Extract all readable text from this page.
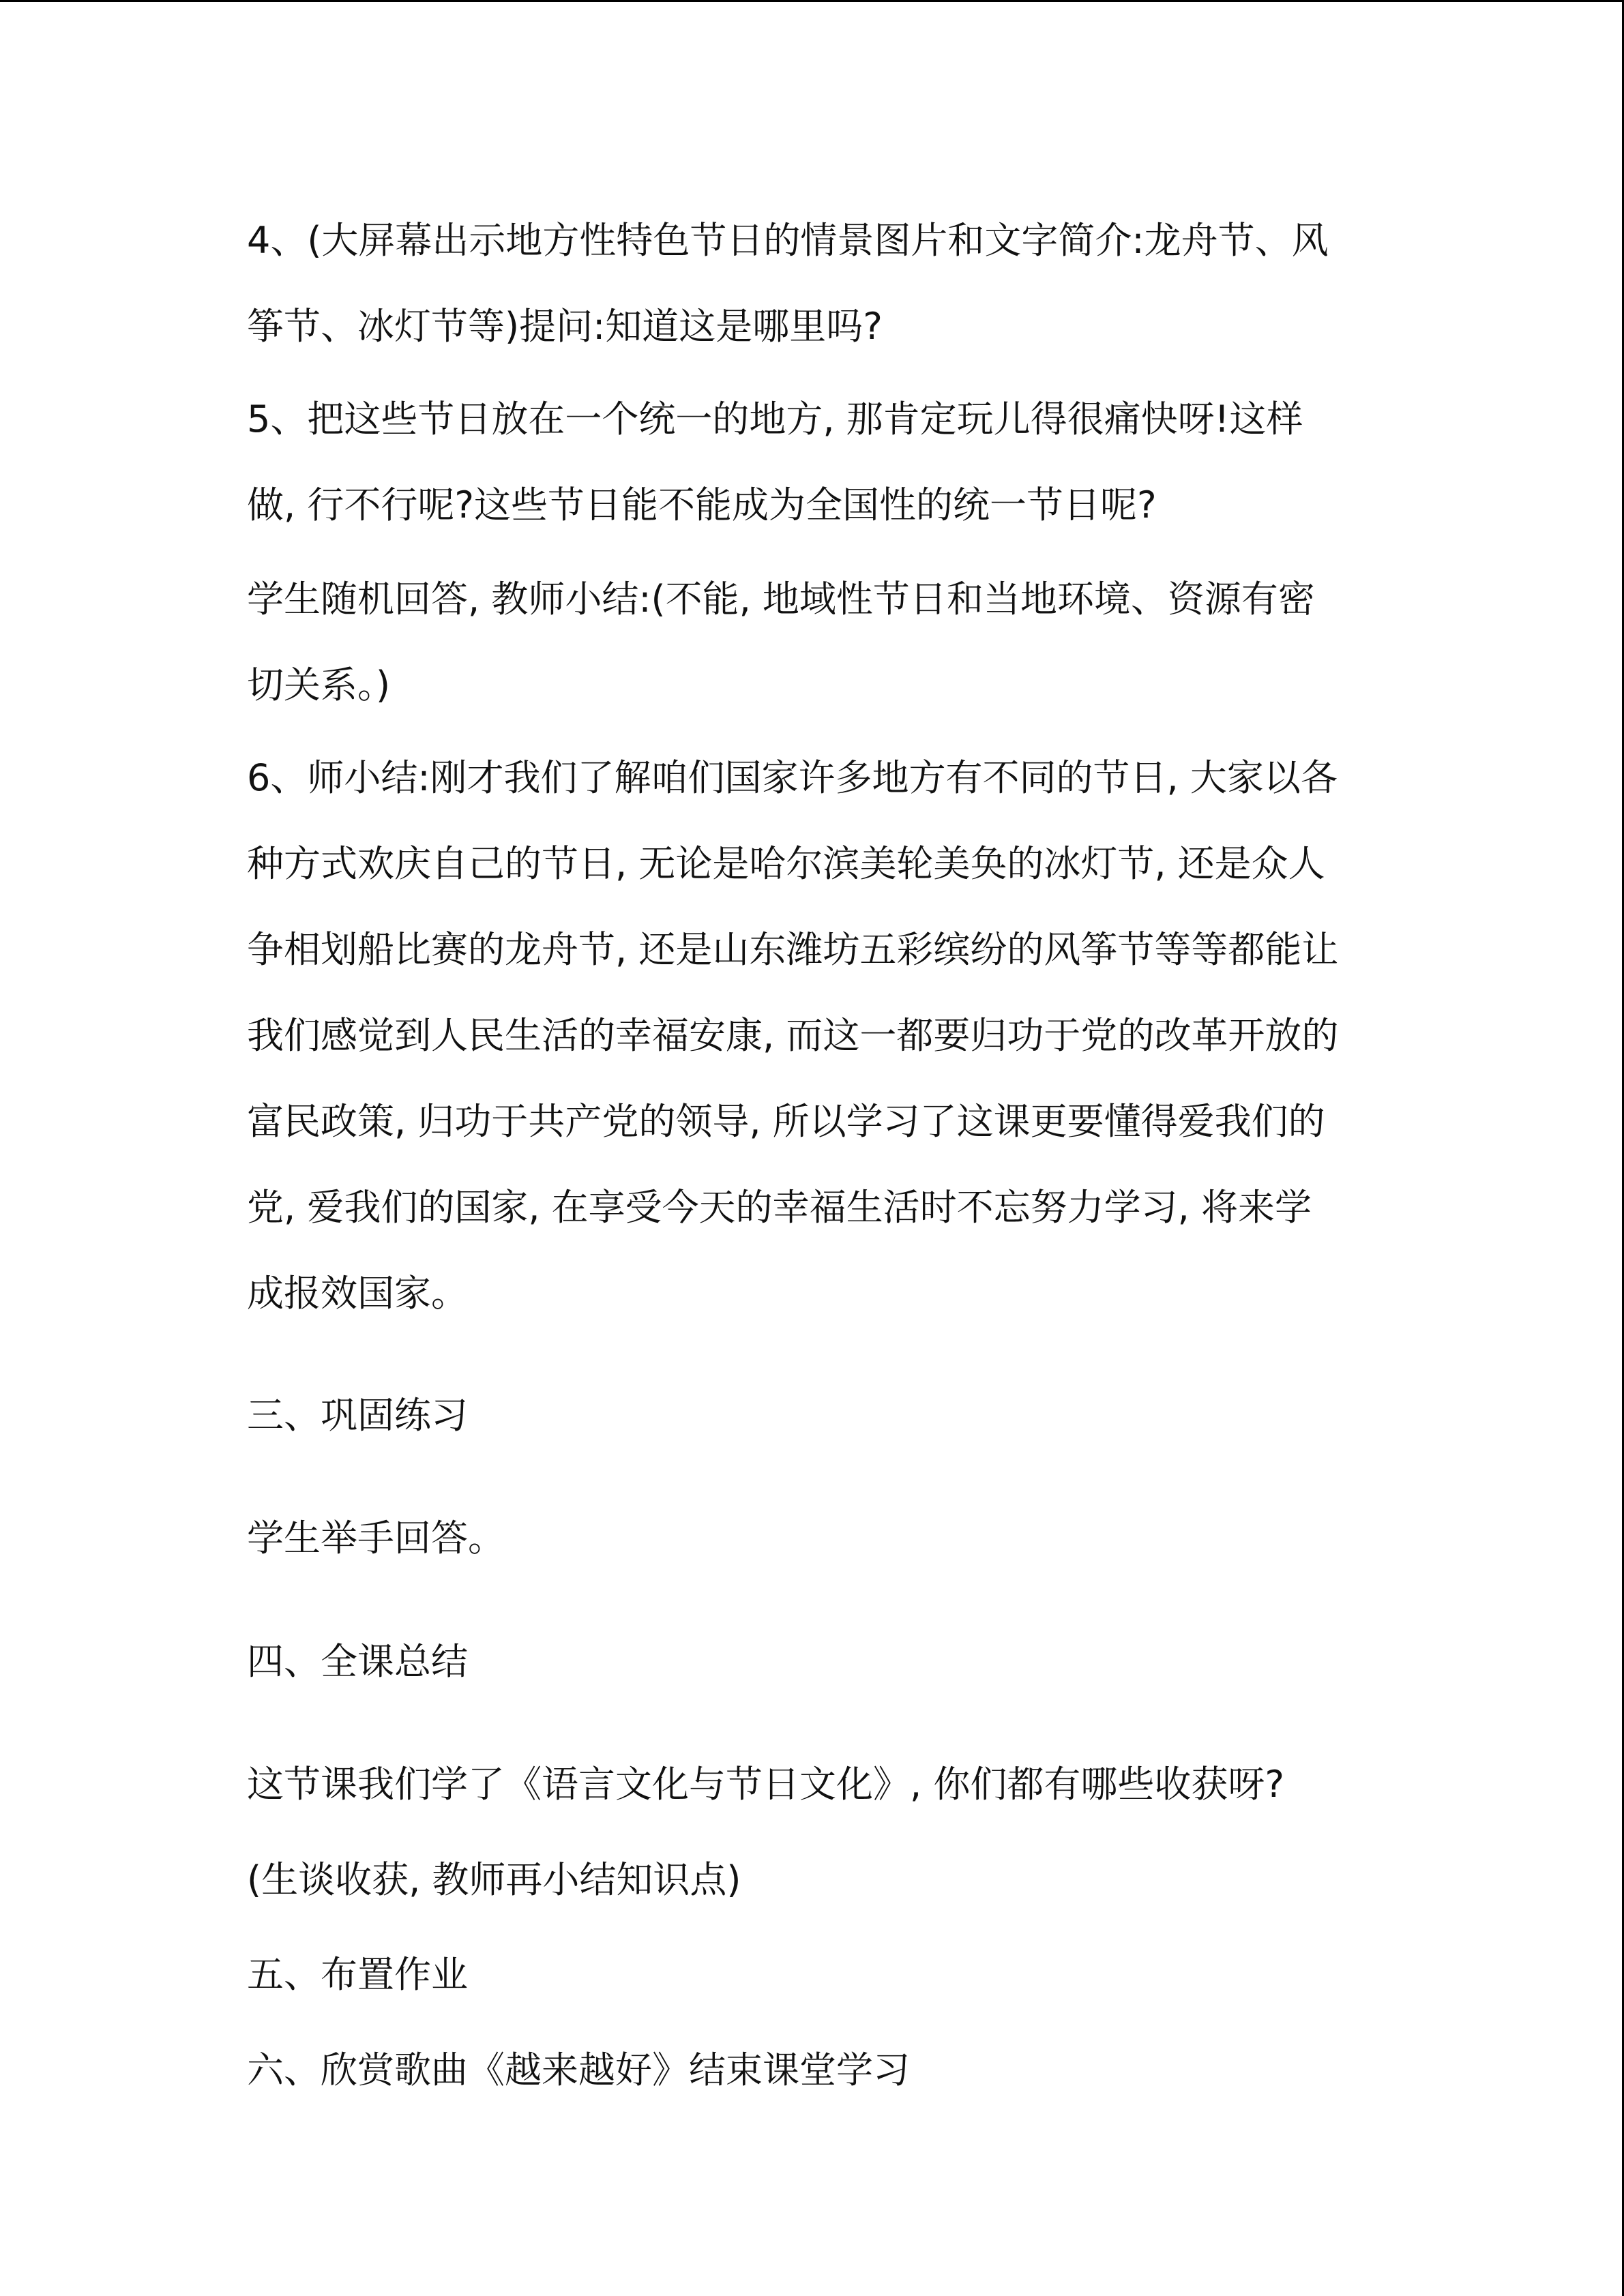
4、(大屏幕出示地方性特色节日的情景图片和文字简介:龙舟节、风
筝节、冰灯节等)提问:知道这是哪里吗?
5、把这些节日放在一个统一的地方, 那肯定玩儿得很痛快呀!这样
做, 行不行呢?这些节日能不能成为全国性的统一节日呢?
学生随机回答, 教师小结:(不能, 地域性节日和当地环境、资源有密
切关系。)
6、师小结:刚才我们了解咱们国家许多地方有不同的节日, 大家以各
种方式欢庆自己的节日, 无论是哈尔滨美轮美奂的冰灯节, 还是众人
争相划船比赛的龙舟节, 还是山东潍坊五彩缤纷的风筝节等等都能让
我们感觉到人民生活的幸福安康, 而这一都要归功于党的改革开放的
富民政策, 归功于共产党的领导, 所以学习了这课更要懂得爱我们的
党, 爱我们的国家, 在享受今天的幸福生活时不忘努力学习, 将来学
成报效国家。
三、巩固练习
学生举手回答。
四、全课总结
这节课我们学了《语言文化与节日文化》, 你们都有哪些收获呀?
(生谈收获, 教师再小结知识点)
五、布置作业
六、欣赏歌曲《越来越好》结束课堂学习
